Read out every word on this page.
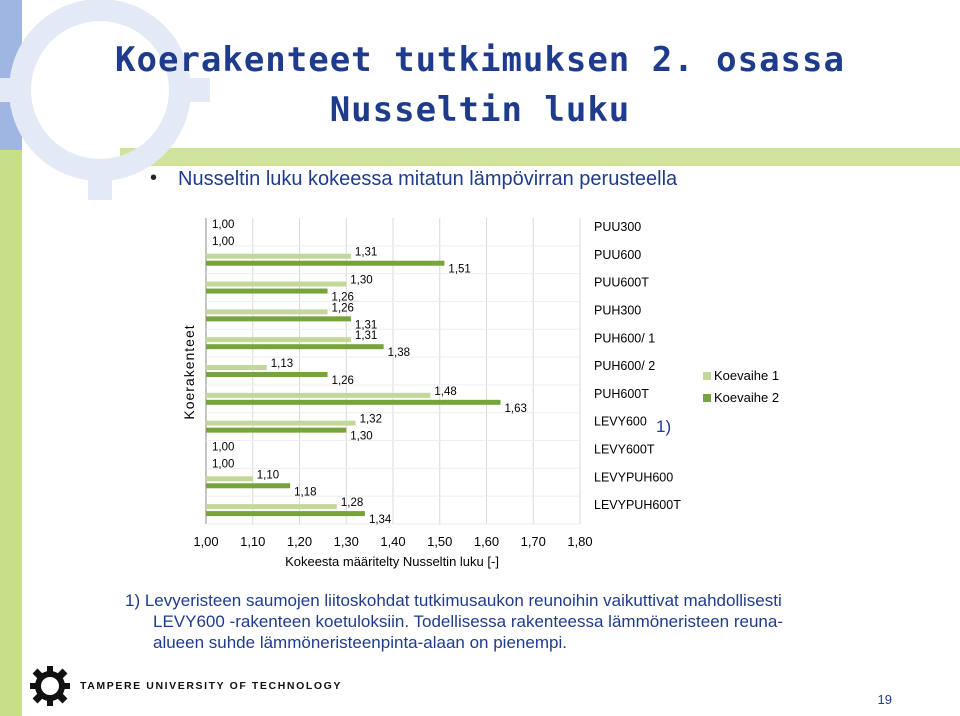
Koerakenteet tutkimuksen 2. osassa
Nusseltin luku
• Nusseltin luku kokeessa mitatun lämpövirran perusteella
1,00
1,00
1,31
1,51
1,30
1,26
1,26
1,31
1,31
1,38
1,13
1,26
1,48
1,63
1,32
1,30
1,00
1,00
1,10
1,18
1,28
1,34
1,00 1,10 1,20 1,30 1,40 1,50 1,60 1,70 1,80
PUU300
PUU600
PUU600T
PUH300
PUH600/ 1
PUH600/ 2
PUH600T
LEVY600
LEVY600T
LEVYPUH600
LEVYPUH600T
Kokeesta määritelty Nusseltin luku [-]
Koerakenteet
1)
Koevaihe 1
Koevaihe 2
1) Levyeristeen saumojen liitoskohdat tutkimusaukon reunoihin vaikuttivat mahdollisesti
LEVY600 -rakenteen koetuloksiin. Todellisessa rakenteessa lämmöneristeen reuna-
alueen suhde lämmöneristeenpinta-alaan on pienempi.
TAMPERE UNIVERSITY OF TECHNOLOGY
19
